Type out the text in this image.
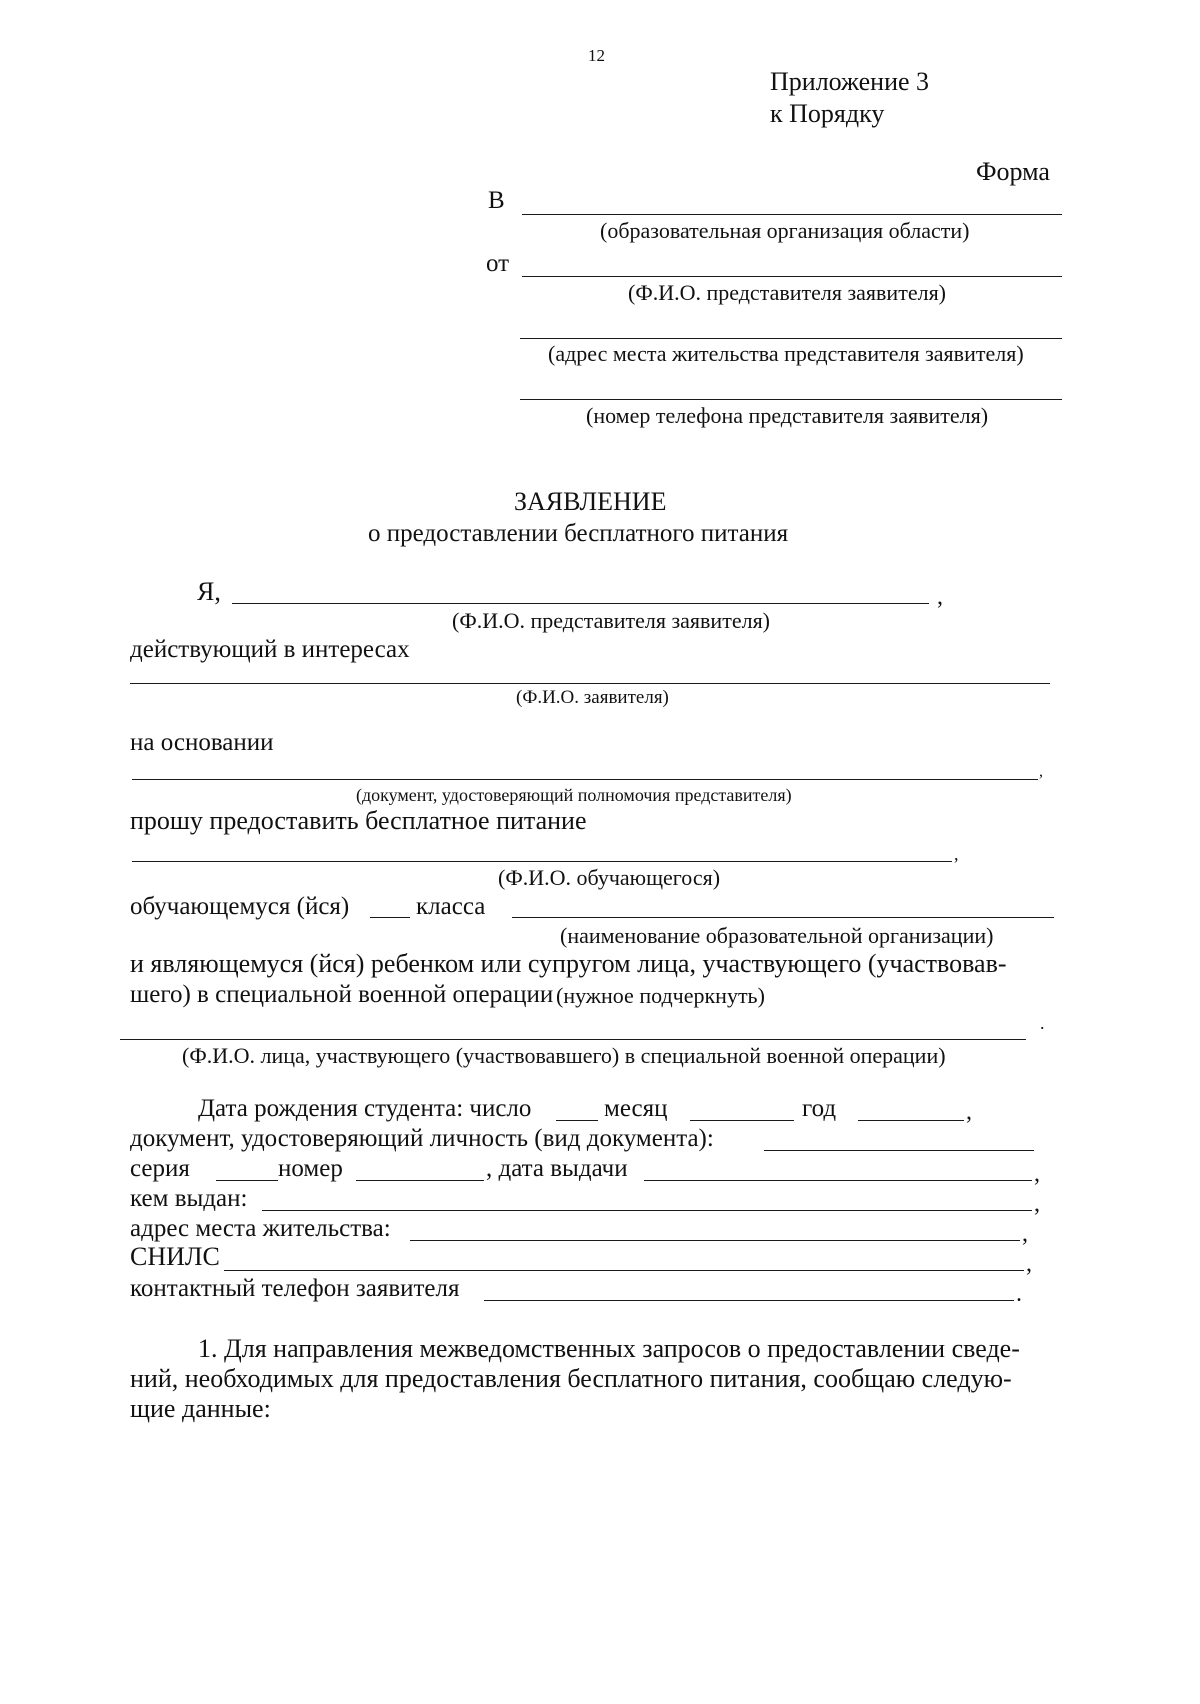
12
Приложение 3
к Порядку
Форма
В
(образовательная организация области)
от
(Ф.И.О. представителя заявителя)
(адрес места жительства представителя заявителя)
(номер телефона представителя заявителя)
ЗАЯВЛЕНИЕ
о предоставлении бесплатного питания
Я,	,
(Ф.И.О. представителя заявителя)
действующий в интересах
(Ф.И.О. заявителя)
на основании
,
(документ, удостоверяющий полномочия представителя)
прошу предоставить бесплатное питание
,
(Ф.И.О. обучающегося)
обучающемуся (йся)	класса
(наименование образовательной организации)
и являющемуся (йся) ребенком или супругом лица, участвующего (участвовав-
шего) в специальной военной операции (нужное подчеркнуть)
.
(Ф.И.О. лица, участвующего (участвовавшего) в специальной военной операции)
Дата рождения студента: число	месяц	год	,
документ, удостоверяющий личность (вид документа):
серия	номер	, дата выдачи	,
кем выдан:	,
адрес места жительства:	,
СНИЛС	,
контактный телефон заявителя	.
1. Для направления межведомственных запросов о предоставлении сведе-
ний, необходимых для предоставления бесплатного питания, сообщаю следую-
щие данные:
